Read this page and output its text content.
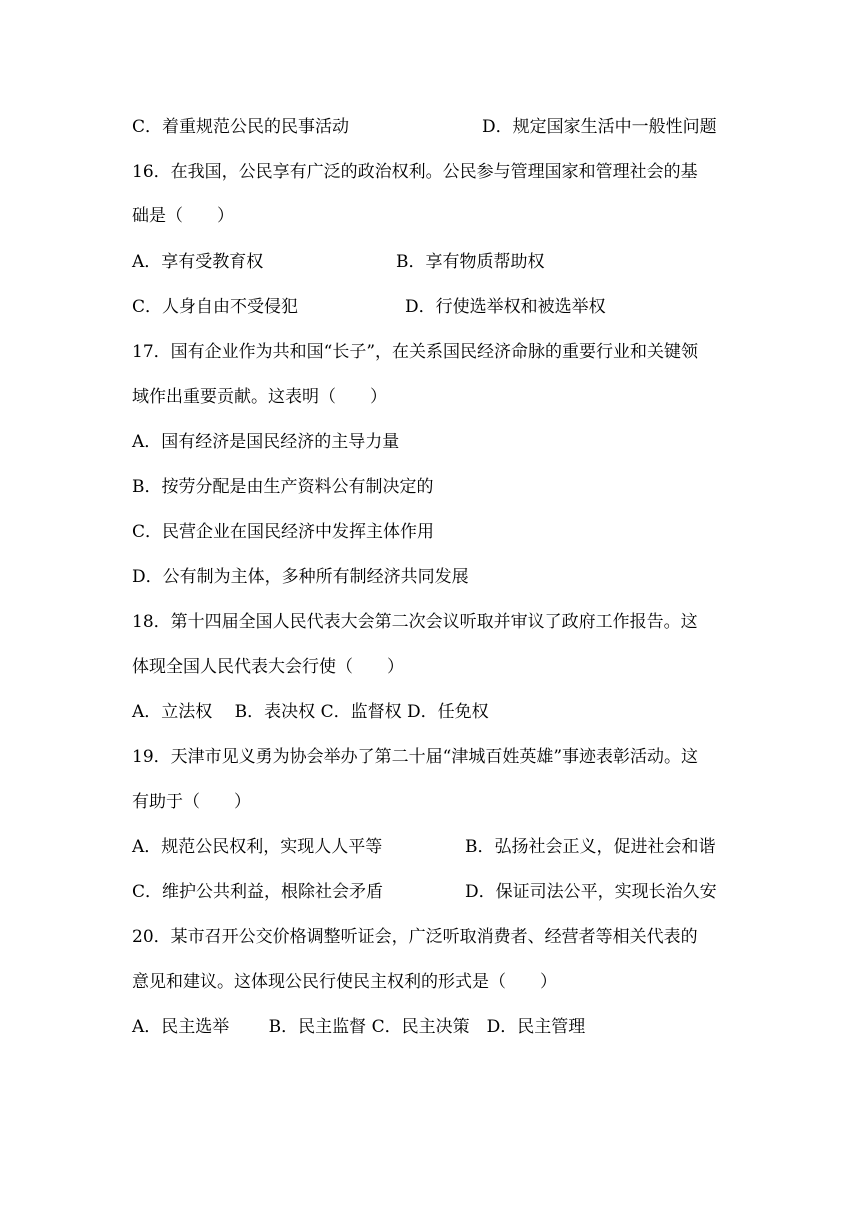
C．着重规范公民的民事活动	D．规定国家生活中一般性问题
16．在我国，公民享有广泛的政治权利。公民参与管理国家和管理社会的基
础是（　　）
A．享有受教育权	B．享有物质帮助权
C．人身自由不受侵犯	D．行使选举权和被选举权
17．国有企业作为共和国“长子”，在关系国民经济命脉的重要行业和关键领
域作出重要贡献。这表明（　　）
A．国有经济是国民经济的主导力量
B．按劳分配是由生产资料公有制决定的
C．民营企业在国民经济中发挥主体作用
D．公有制为主体，多种所有制经济共同发展
18．第十四届全国人民代表大会第二次会议听取并审议了政府工作报告。这
体现全国人民代表大会行使（　　）
A．立法权　 B．表决权 C．监督权 D．任免权
19．天津市见义勇为协会举办了第二十届“津城百姓英雄”事迹表彰活动。这
有助于（　　）
A．规范公民权利，实现人人平等	B．弘扬社会正义，促进社会和谐
C．维护公共利益，根除社会矛盾	D．保证司法公平，实现长治久安
20．某市召开公交价格调整听证会，广泛听取消费者、经营者等相关代表的
意见和建议。这体现公民行使民主权利的形式是（　　）
A．民主选举　　 B．民主监督 C．民主决策　D．民主管理
